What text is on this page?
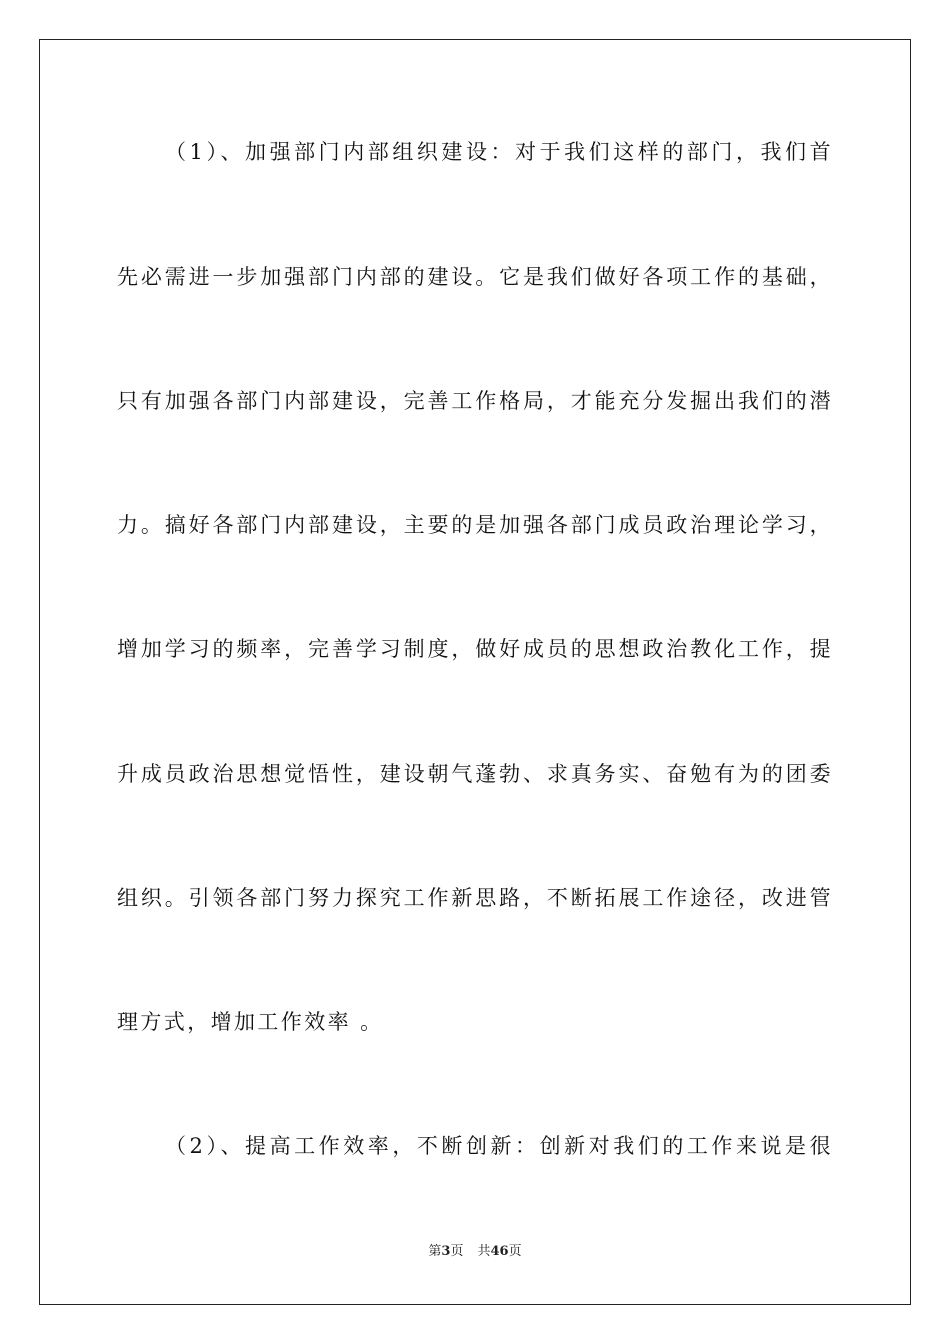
（1）、加强部门内部组织建设：对于我们这样的部门，我们首
先必需进一步加强部门内部的建设。它是我们做好各项工作的基础，
只有加强各部门内部建设，完善工作格局，才能充分发掘出我们的潜
力。搞好各部门内部建设，主要的是加强各部门成员政治理论学习，
增加学习的频率，完善学习制度，做好成员的思想政治教化工作，提
升成员政治思想觉悟性，建设朝气蓬勃、求真务实、奋勉有为的团委
组织。引领各部门努力探究工作新思路，不断拓展工作途径，改进管
理方式，增加工作效率 。
（2）、提高工作效率，不断创新：创新对我们的工作来说是很
第3页 共46页
